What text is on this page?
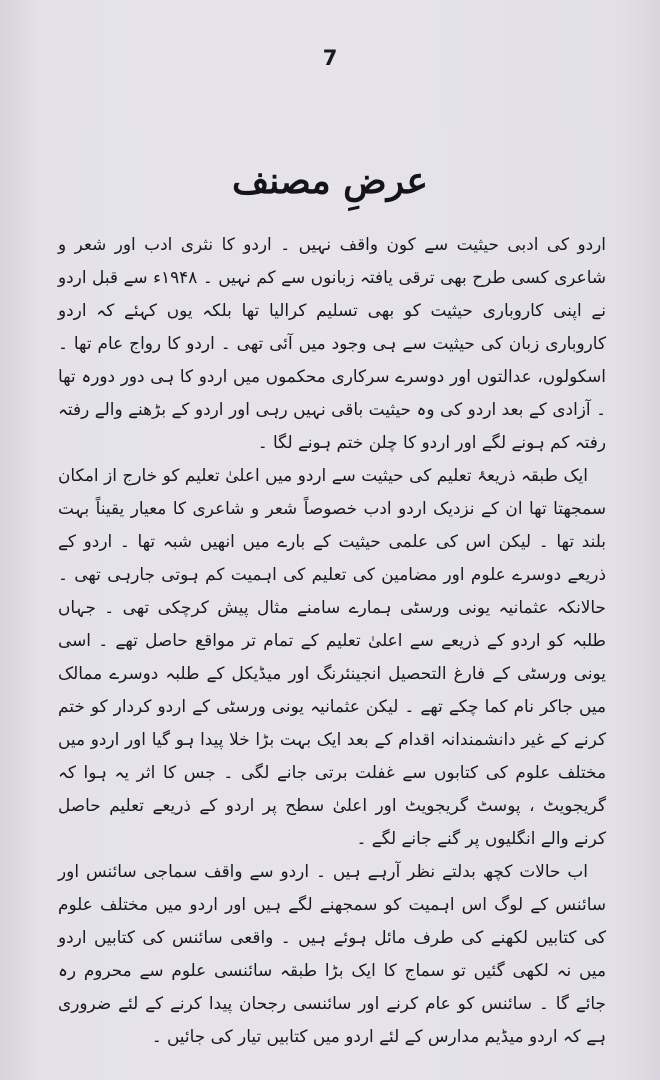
7
عرضِ مصنف

اردو کی ادبی حیثیت سے کون واقف نہیں ۔ اردو کا نثری ادب اور شعر و شاعری کسی طرح بھی ترقی یافتہ زبانوں سے کم نہیں ۔ ۱۹۴۸ء سے قبل اردو نے اپنی کاروباری حیثیت کو بھی تسلیم کرالیا تھا بلکہ یوں کہئے کہ اردو کاروباری زبان کی حیثیت سے ہی وجود میں آئی تھی ۔ اردو کا رواج عام تھا ۔ اسکولوں، عدالتوں اور دوسرے سرکاری محکموں میں اردو کا ہی دور دورہ تھا ۔ آزادی کے بعد اردو کی وہ حیثیت باقی نہیں رہی اور اردو کے بڑھنے والے رفتہ رفتہ کم ہونے لگے اور اردو کا چلن ختم ہونے لگا ۔

ایک طبقہ ذریعۂ تعلیم کی حیثیت سے اردو میں اعلیٰ تعلیم کو خارج از امکان سمجھتا تھا ان کے نزدیک اردو ادب خصوصاً شعر و شاعری کا معیار یقیناً بہت بلند تھا ۔ لیکن اس کی علمی حیثیت کے بارے میں انھیں شبہ تھا ۔ اردو کے ذریعے دوسرے علوم اور مضامین کی تعلیم کی اہمیت کم ہوتی جارہی تھی ۔ حالانکہ عثمانیہ یونی ورسٹی ہمارے سامنے مثال پیش کرچکی تھی ۔ جہاں طلبہ کو اردو کے ذریعے سے اعلیٰ تعلیم کے تمام تر مواقع حاصل تھے ۔ اسی یونی ورسٹی کے فارغ التحصیل انجینئرنگ اور میڈیکل کے طلبہ دوسرے ممالک میں جاکر نام کما چکے تھے ۔ لیکن عثمانیہ یونی ورسٹی کے اردو کردار کو ختم کرنے کے غیر دانشمندانہ اقدام کے بعد ایک بہت بڑا خلا پیدا ہو گیا اور اردو میں مختلف علوم کی کتابوں سے غفلت برتی جانے لگی ۔ جس کا اثر یہ ہوا کہ گریجویٹ ، پوسٹ گریجویٹ اور اعلیٰ سطح پر اردو کے ذریعے تعلیم حاصل کرنے والے انگلیوں پر گنے جانے لگے ۔

اب حالات کچھ بدلتے نظر آرہے ہیں ۔ اردو سے واقف سماجی سائنس اور سائنس کے لوگ اس اہمیت کو سمجھنے لگے ہیں اور اردو میں مختلف علوم کی کتابیں لکھنے کی طرف مائل ہوئے ہیں ۔ واقعی سائنس کی کتابیں اردو میں نہ لکھی گئیں تو سماج کا ایک بڑا طبقہ سائنسی علوم سے محروم رہ جائے گا ۔ سائنس کو عام کرنے اور سائنسی رجحان پیدا کرنے کے لئے ضروری ہے کہ اردو میڈیم مدارس کے لئے اردو میں کتابیں تیار کی جائیں ۔
